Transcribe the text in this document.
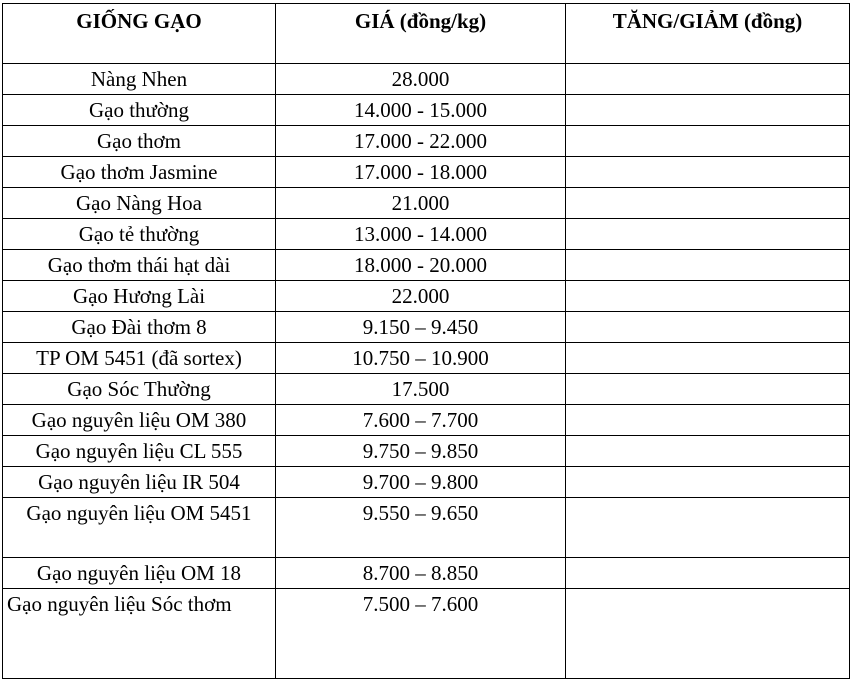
GIỐNG GẠO	GIÁ (đồng/kg)	TĂNG/GIẢM (đồng)
Nàng Nhen	28.000	
Gạo thường	14.000 - 15.000	
Gạo thơm	17.000 - 22.000	
Gạo thơm Jasmine	17.000 - 18.000	
Gạo Nàng Hoa	21.000	
Gạo tẻ thường	13.000 - 14.000	
Gạo thơm thái hạt dài	18.000 - 20.000	
Gạo Hương Lài	22.000	
Gạo Đài thơm 8	9.150 – 9.450	
TP OM 5451 (đã sortex)	10.750 – 10.900	
Gạo Sóc Thường	17.500	
Gạo nguyên liệu OM 380	7.600 – 7.700	
Gạo nguyên liệu CL 555	9.750 – 9.850	
Gạo nguyên liệu IR 504	9.700 – 9.800	
Gạo nguyên liệu OM 5451	9.550 – 9.650	
Gạo nguyên liệu OM 18	8.700 – 8.850	
Gạo nguyên liệu Sóc thơm	7.500 – 7.600	
